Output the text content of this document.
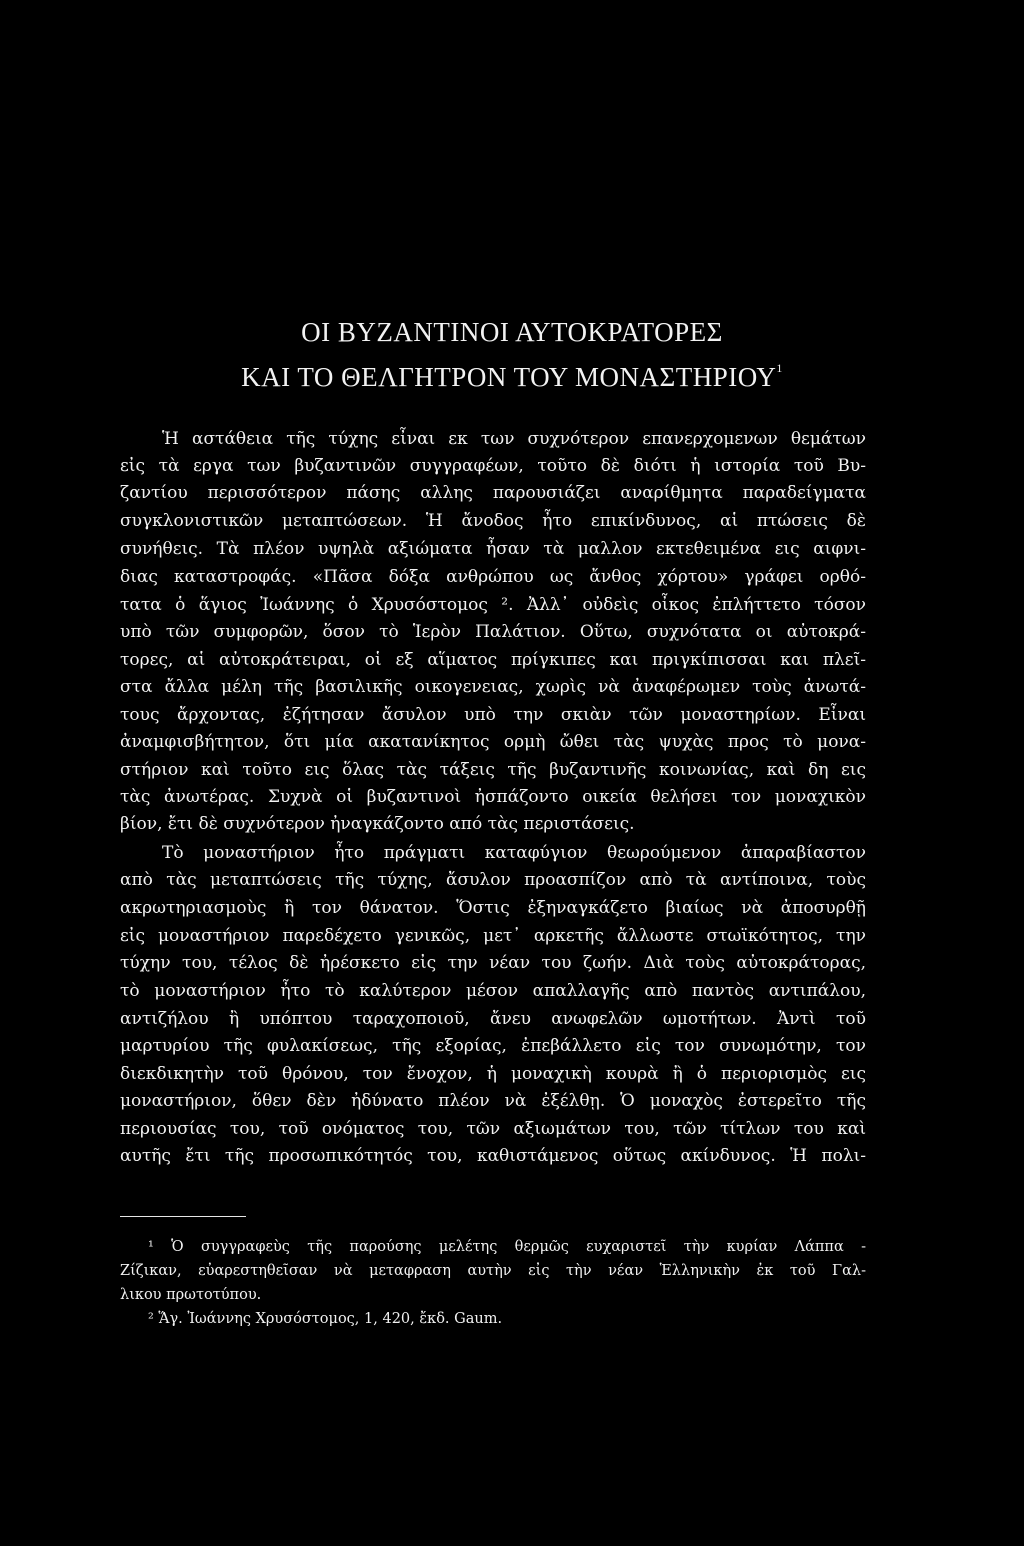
ΟΙ ΒΥΖΑΝΤΙΝΟΙ ΑΥΤΟΚΡΑΤΟΡΕΣ
ΚΑΙ ΤΟ ΘΕΛΓΗΤΡΟΝ ΤΟΥ ΜΟΝΑΣΤΗΡΙΟΥ$^1$
Ἡ αστάθεια τῆς τύχης εἶναι εκ των συχνότερον επανερχομενων θεμάτων
εἰς τὰ εργα των βυζαντινῶν συγγραφέων, τοῦτο δὲ διότι ἡ ιστορία τοῦ Βυ-
ζαντίου περισσότερον πάσης αλλης παρουσιάζει αναρίθμητα παραδείγματα
συγκλονιστικῶν μεταπτώσεων. Ἡ ἄνοδος ἦτο επικίνδυνος, αἱ πτώσεις δὲ
συνήθεις. Τὰ πλέον υψηλὰ αξιώματα ἦσαν τὰ μαλλον εκτεθειμένα εις αιφνι-
διας καταστροφάς. «Πᾶσα δόξα ανθρώπου ως ἄνθος χόρτου» γράφει ορθό-
τατα ὁ ἅγιος Ἰωάννης ὁ Χρυσόστομος ². Ἀλλ᾽ οὐδεὶς οἶκος ἐπλήττετο τόσον
υπὸ τῶν συμφορῶν, ὅσον τὸ Ἱερὸν Παλάτιον. Οὕτω, συχνότατα οι αὐτοκρά-
τορες, αἱ αὐτοκράτειραι, οἱ εξ αἵματος πρίγκιπες και πριγκίπισσαι και πλεῖ-
στα ἄλλα μέλη τῆς βασιλικῆς οικογενειας, χωρὶς νὰ ἀναφέρωμεν τοὺς ἀνωτά-
τους ἄρχοντας, ἐζήτησαν ἄσυλον υπὸ την σκιὰν τῶν μοναστηρίων. Εἶναι
ἀναμφισβήτητον, ὅτι μία ακατανίκητος ορμὴ ὤθει τὰς ψυχὰς προς τὸ μονα-
στήριον καὶ τοῦτο εις ὅλας τὰς τάξεις τῆς βυζαντινῆς κοινωνίας, καὶ δη εις
τὰς ἀνωτέρας. Συχνὰ οἱ βυζαντινοὶ ἠσπάζοντο οικεία θελήσει τον μοναχικὸν
βίον, ἔτι δὲ συχνότερον ἠναγκάζοντο από τὰς περιστάσεις.
Τὸ μοναστήριον ἦτο πράγματι καταφύγιον θεωρούμενον ἀπαραβίαστον
απὸ τὰς μεταπτώσεις τῆς τύχης, ἄσυλον προασπίζον απὸ τὰ αντίποινα, τοὺς
ακρωτηριασμοὺς ἢ τον θάνατον. Ὅστις ἐξηναγκάζετο βιαίως νὰ ἀποσυρθῇ
εἰς μοναστήριον παρεδέχετο γενικῶς, μετ᾽ αρκετῆς ἄλλωστε στωϊκότητος, την
τύχην του, τέλος δὲ ἠρέσκετο εἰς την νέαν του ζωήν. Διὰ τοὺς αὐτοκράτορας,
τὸ μοναστήριον ἦτο τὸ καλύτερον μέσον απαλλαγῆς απὸ παντὸς αντιπάλου,
αντιζήλου ἢ υπόπτου ταραχοποιοῦ, ἄνευ ανωφελῶν ωμοτήτων. Ἀντὶ τοῦ
μαρτυρίου τῆς φυλακίσεως, τῆς εξορίας, ἐπεβάλλετο εἰς τον συνωμότην, τον
διεκδικητὴν τοῦ θρόνου, τον ἔνοχον, ἡ μοναχικὴ κουρὰ ἢ ὁ περιορισμὸς εις
μοναστήριον, ὅθεν δὲν ἠδύνατο πλέον νὰ ἐξέλθῃ. Ὁ μοναχὸς ἐστερεῖτο τῆς
περιουσίας του, τοῦ ονόματος του, τῶν αξιωμάτων του, τῶν τίτλων του καὶ
αυτῆς ἔτι τῆς προσωπικότητός του, καθιστάμενος οὕτως ακίνδυνος. Ἡ πολι-
¹ Ὁ συγγραφεὺς τῆς παρούσης μελέτης θερμῶς ευχαριστεῖ τὴν κυρίαν Λάππα -
Ζίζικαν, εὐαρεστηθεῖσαν νὰ μεταφραση αυτὴν εἰς τὴν νέαν Ἑλληνικὴν ἐκ τοῦ Γαλ-
λικου πρωτοτύπου.
² Ἅγ. Ἰωάννης Χρυσόστομος, 1, 420, ἔκδ. Gaum.
